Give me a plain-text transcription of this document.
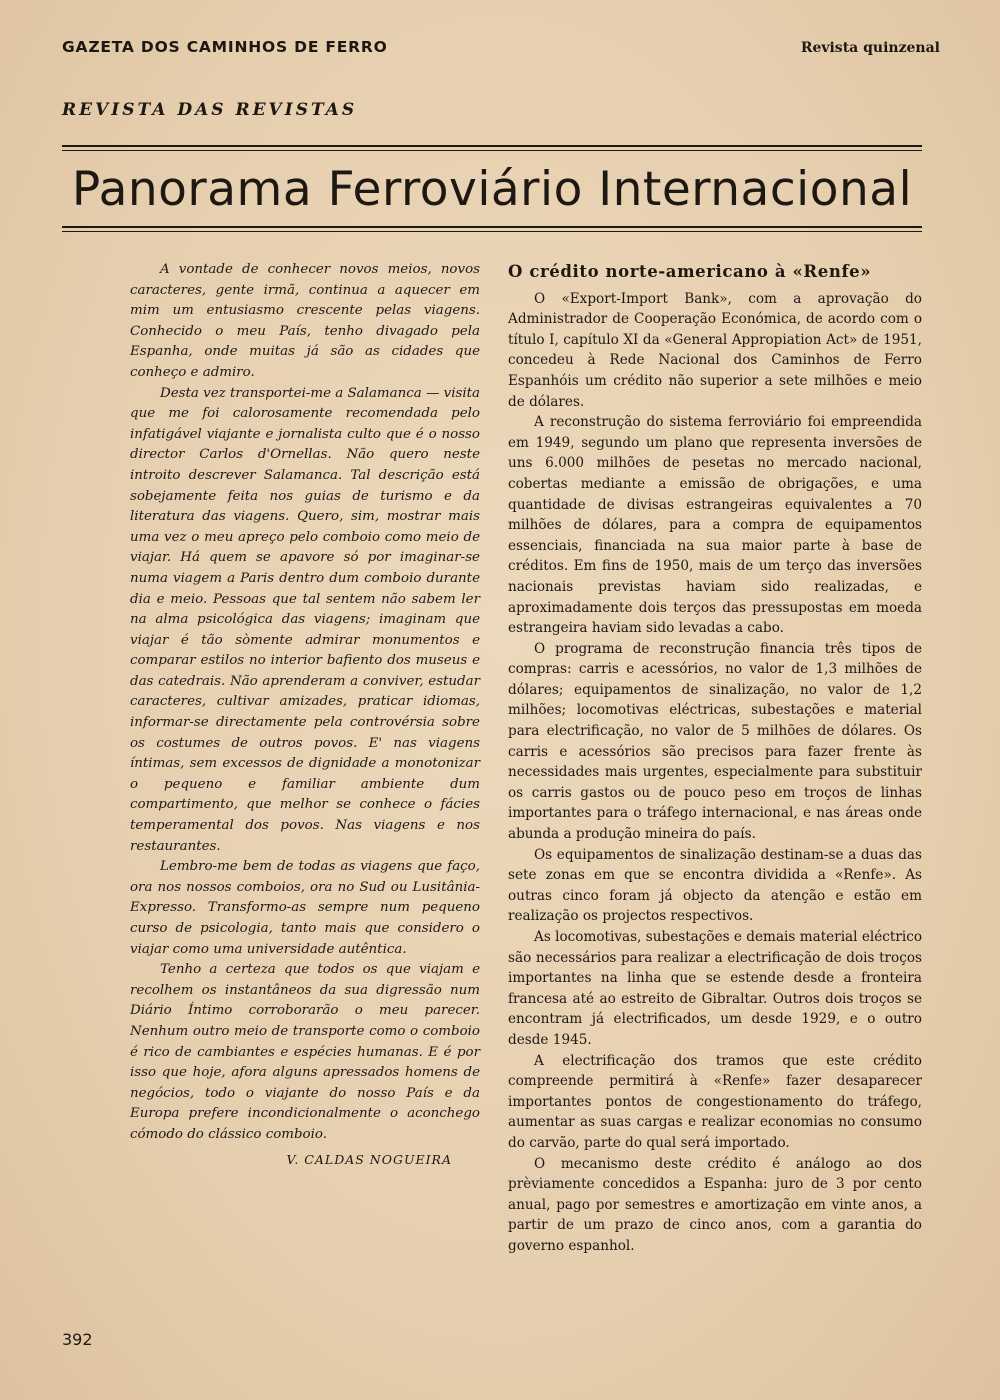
GAZETA DOS CAMINHOS DE FERRO	Revista quinzenal
REVISTA DAS REVISTAS
Panorama Ferroviário Internacional

A vontade de conhecer novos meios, novos caracteres, gente irmã, continua a aquecer em mim um entusiasmo crescente pelas viagens. Conhecido o meu País, tenho divagado pela Espanha, onde muitas já são as cidades que conheço e admiro.

Desta vez transportei-me a Salamanca — visita que me foi calorosamente recomendada pelo infatigável viajante e jornalista culto que é o nosso director Carlos d'Ornellas. Não quero neste introito descrever Salamanca. Tal descrição está sobejamente feita nos guias de turismo e da literatura das viagens. Quero, sim, mostrar mais uma vez o meu apreço pelo comboio como meio de viajar. Há quem se apavore só por imaginar-se numa viagem a Paris dentro dum comboio durante dia e meio. Pessoas que tal sentem não sabem ler na alma psicológica das viagens; imaginam que viajar é tão sòmente admirar monumentos e comparar estilos no interior bafiento dos museus e das catedrais. Não aprenderam a conviver, estudar caracteres, cultivar amizades, praticar idiomas, informar-se directamente pela controvérsia sobre os costumes de outros povos. E' nas viagens íntimas, sem excessos de dignidade a monotonizar o pequeno e familiar ambiente dum compartimento, que melhor se conhece o fácies temperamental dos povos. Nas viagens e nos restaurantes.

Lembro-me bem de todas as viagens que faço, ora nos nossos comboios, ora no Sud ou Lusitânia-Expresso. Transformo-as sempre num pequeno curso de psicologia, tanto mais que considero o viajar como uma universidade autêntica.

Tenho a certeza que todos os que viajam e recolhem os instantâneos da sua digressão num Diário Íntimo corroborarão o meu parecer. Nenhum outro meio de transporte como o comboio é rico de cambiantes e espécies humanas. E é por isso que hoje, afora alguns apressados homens de negócios, todo o viajante do nosso País e da Europa prefere incondicionalmente o aconchego cómodo do clássico comboio.

V. CALDAS NOGUEIRA
O crédito norte-americano à «Renfe»

O «Export-Import Bank», com a aprovação do Administrador de Cooperação Económica, de acordo com o título I, capítulo XI da «General Appropiation Act» de 1951, concedeu à Rede Nacional dos Caminhos de Ferro Espanhóis um crédito não superior a sete milhões e meio de dólares.

A reconstrução do sistema ferroviário foi empreendida em 1949, segundo um plano que representa inversões de uns 6.000 milhões de pesetas no mercado nacional, cobertas mediante a emissão de obrigações, e uma quantidade de divisas estrangeiras equivalentes a 70 milhões de dólares, para a compra de equipamentos essenciais, financiada na sua maior parte à base de créditos. Em fins de 1950, mais de um terço das inversões nacionais previstas haviam sido realizadas, e aproximadamente dois terços das pressupostas em moeda estrangeira haviam sido levadas a cabo.

O programa de reconstrução financia três tipos de compras: carris e acessórios, no valor de 1,3 milhões de dólares; equipamentos de sinalização, no valor de 1,2 milhões; locomotivas eléctricas, subestações e material para electrificação, no valor de 5 milhões de dólares. Os carris e acessórios são precisos para fazer frente às necessidades mais urgentes, especialmente para substituir os carris gastos ou de pouco peso em troços de linhas importantes para o tráfego internacional, e nas áreas onde abunda a produção mineira do país.

Os equipamentos de sinalização destinam-se a duas das sete zonas em que se encontra dividida a «Renfe». As outras cinco foram já objecto da atenção e estão em realização os projectos respectivos.

As locomotivas, subestações e demais material eléctrico são necessários para realizar a electrificação de dois troços importantes na linha que se estende desde a fronteira francesa até ao estreito de Gibraltar. Outros dois troços se encontram já electrificados, um desde 1929, e o outro desde 1945.

A electrificação dos tramos que este crédito compreende permitirá à «Renfe» fazer desaparecer importantes pontos de congestionamento do tráfego, aumentar as suas cargas e realizar economias no consumo do carvão, parte do qual será importado.

O mecanismo deste crédito é análogo ao dos prèviamente concedidos a Espanha: juro de 3 por cento anual, pago por semestres e amortização em vinte anos, a partir de um prazo de cinco anos, com a garantia do governo espanhol.

392
